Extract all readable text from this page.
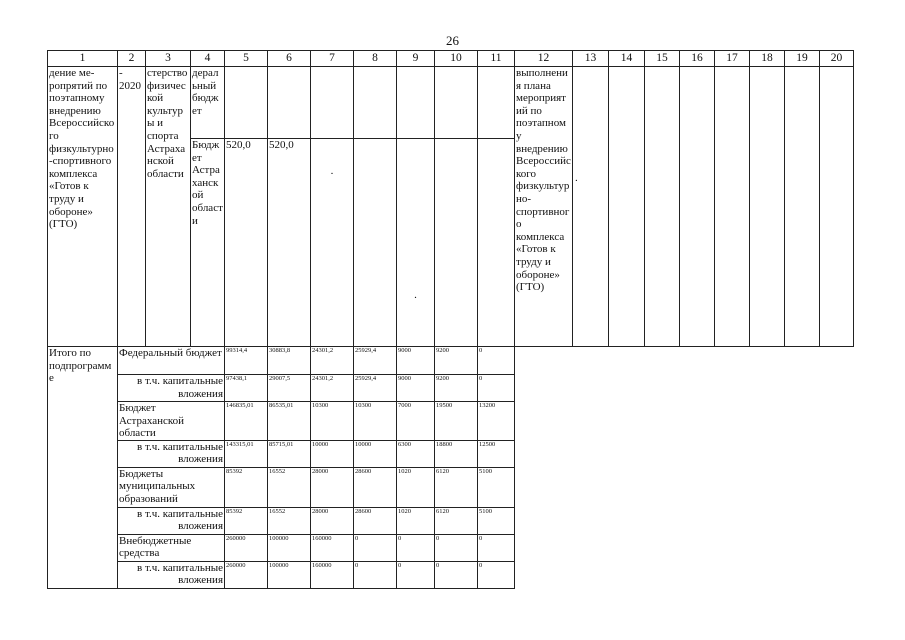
26
1	2	3	4	5	6	7	8	9	10	11	12	13	14	15	16	17	18	19	20
дение ме-ропрятий по поэтапному внедрению Всероссийского физкультурно-спортивного комплекса «Готов к труду и обороне» (ГТО)	- 2020	стерство физической культуры и спорта Астраханской области	деральный бюджет								выполнения плана мероприятий по поэтапному внедрению Всероссийского физкультурно-спортивного комплекса «Готов к труду и обороне» (ГТО)								
			Бюджет Астраханской области	520,0	520,0	.		.											
Итого по подпрограмме	Федеральный бюджет			99314,4	30883,8	24301,2	25929,4	9000	9200	0									
	в т.ч. капитальные вложения			97438,1	29007,5	24301,2	25929,4	9000	9200	0									
	Бюджет Астраханской области			146835,01	86535,01	10300	10300	7000	19500	13200									
	в т.ч. капитальные вложения			143315,01	85715,01	10000	10000	6300	18800	12500									
	Бюджеты муниципальных образований			85392	16552	28000	28600	1020	6120	5100									
	в т.ч. капитальные вложения			85392	16552	28000	28600	1020	6120	5100									
	Внебюджетные средства			260000	100000	160000	0	0	0	0									
	в т.ч. капитальные вложения			260000	100000	160000	0	0	0	0									
.
